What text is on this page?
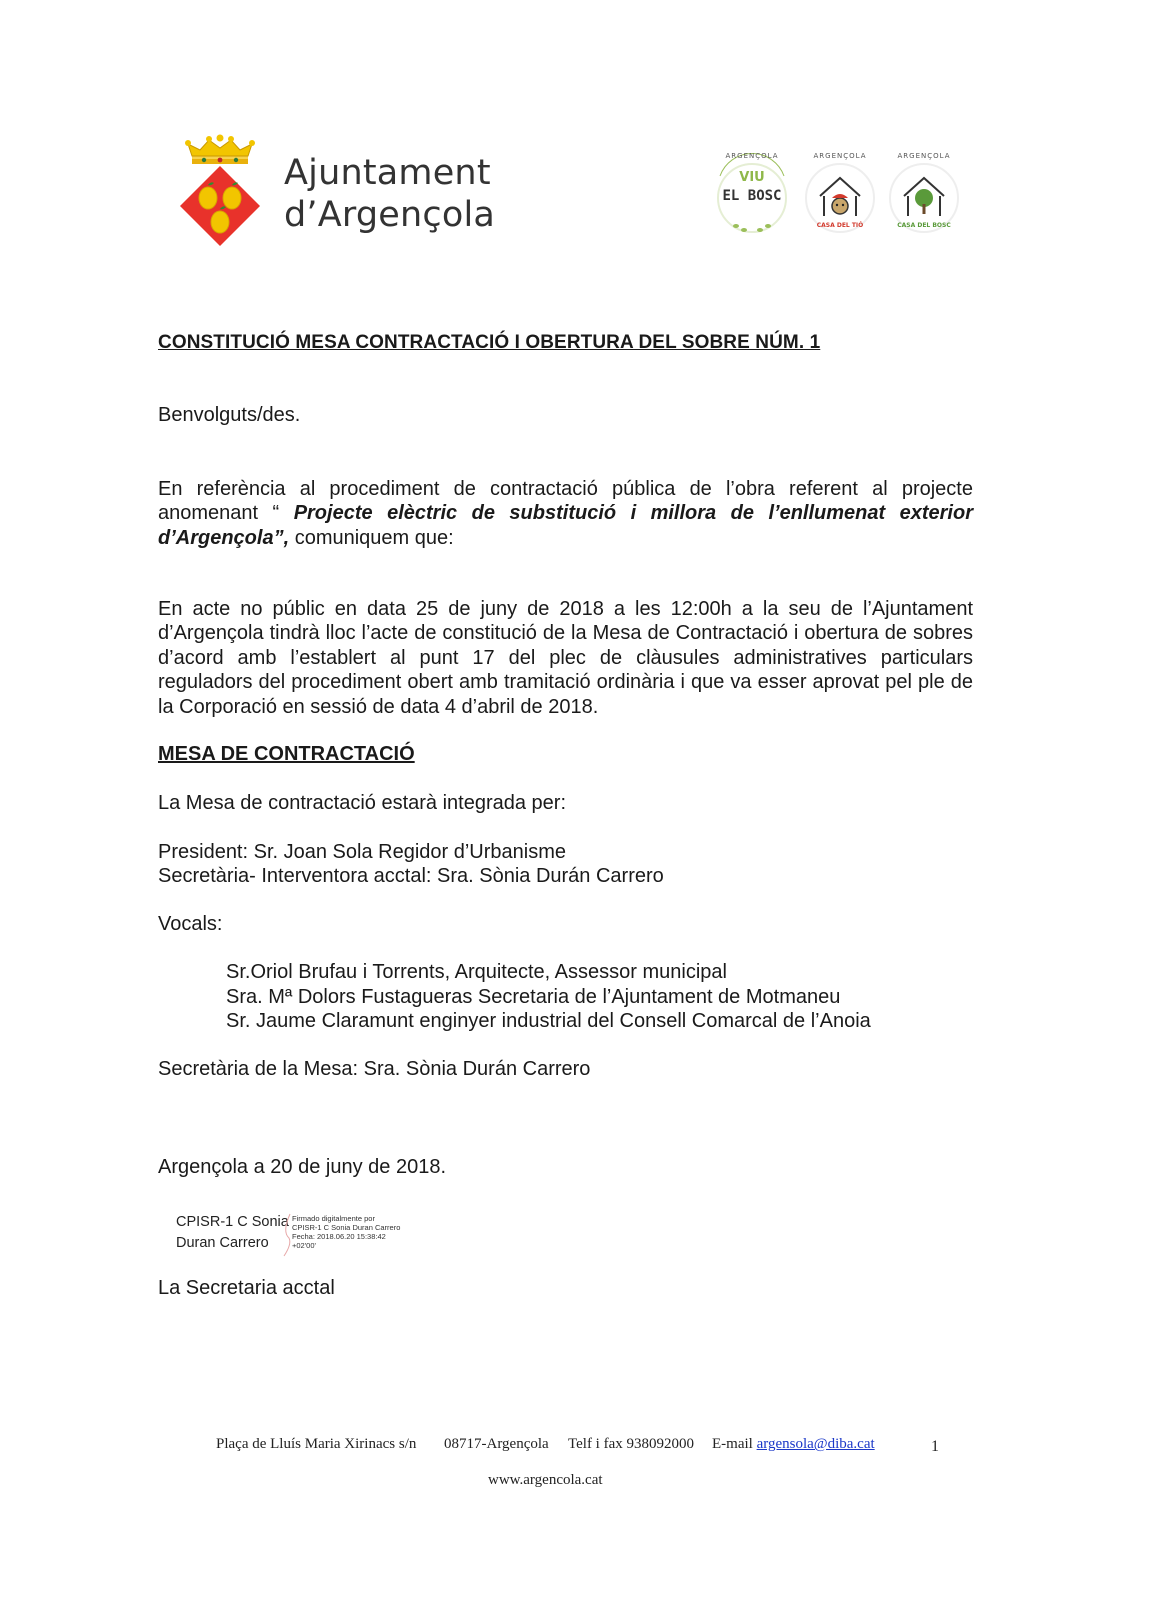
Ajuntament
d’Argençola
ARGENÇOLA
VIU
EL BOSC
ARGENÇOLA
CASA DEL TIÓ
ARGENÇOLA
CASA DEL BOSC
CONSTITUCIÓ MESA CONTRACTACIÓ I OBERTURA DEL SOBRE NÚM. 1
Benvolguts/des.
En referència al procediment de contractació pública de l’obra referent al projecte anomenant “ Projecte elèctric de substitució i millora de l’enllumenat exterior d’Argençola”, comuniquem que:
En acte no públic en data 25 de juny de 2018 a les 12:00h a la seu de l’Ajuntament d’Argençola tindrà lloc l’acte de constitució de la Mesa de Contractació i obertura de sobres d’acord amb l’establert al punt 17 del plec de clàusules administratives particulars reguladors del procediment obert amb tramitació ordinària i que va esser aprovat pel ple de la Corporació en sessió de data 4 d’abril de 2018.
MESA DE CONTRACTACIÓ
La Mesa de contractació estarà integrada per:
President: Sr. Joan Sola Regidor d’Urbanisme
Secretària- Interventora acctal: Sra. Sònia Durán Carrero
Vocals:
Sr.Oriol Brufau i Torrents, Arquitecte, Assessor municipal
Sra. Mª Dolors Fustagueras Secretaria de l’Ajuntament de Motmaneu
Sr. Jaume Claramunt enginyer industrial del Consell Comarcal de l’Anoia
Secretària de la Mesa: Sra. Sònia Durán Carrero
Argençola a 20 de juny de 2018.
CPISR-1 C Sonia
Duran Carrero
Firmado digitalmente por
CPISR-1 C Sonia Duran Carrero
Fecha: 2018.06.20 15:38:42
+02'00'
La Secretaria acctal
Plaça de Lluís Maria Xirinacs s/n 08717-Argençola Telf i fax 938092000 E-mail argensola@diba.cat	1
www.argencola.cat
